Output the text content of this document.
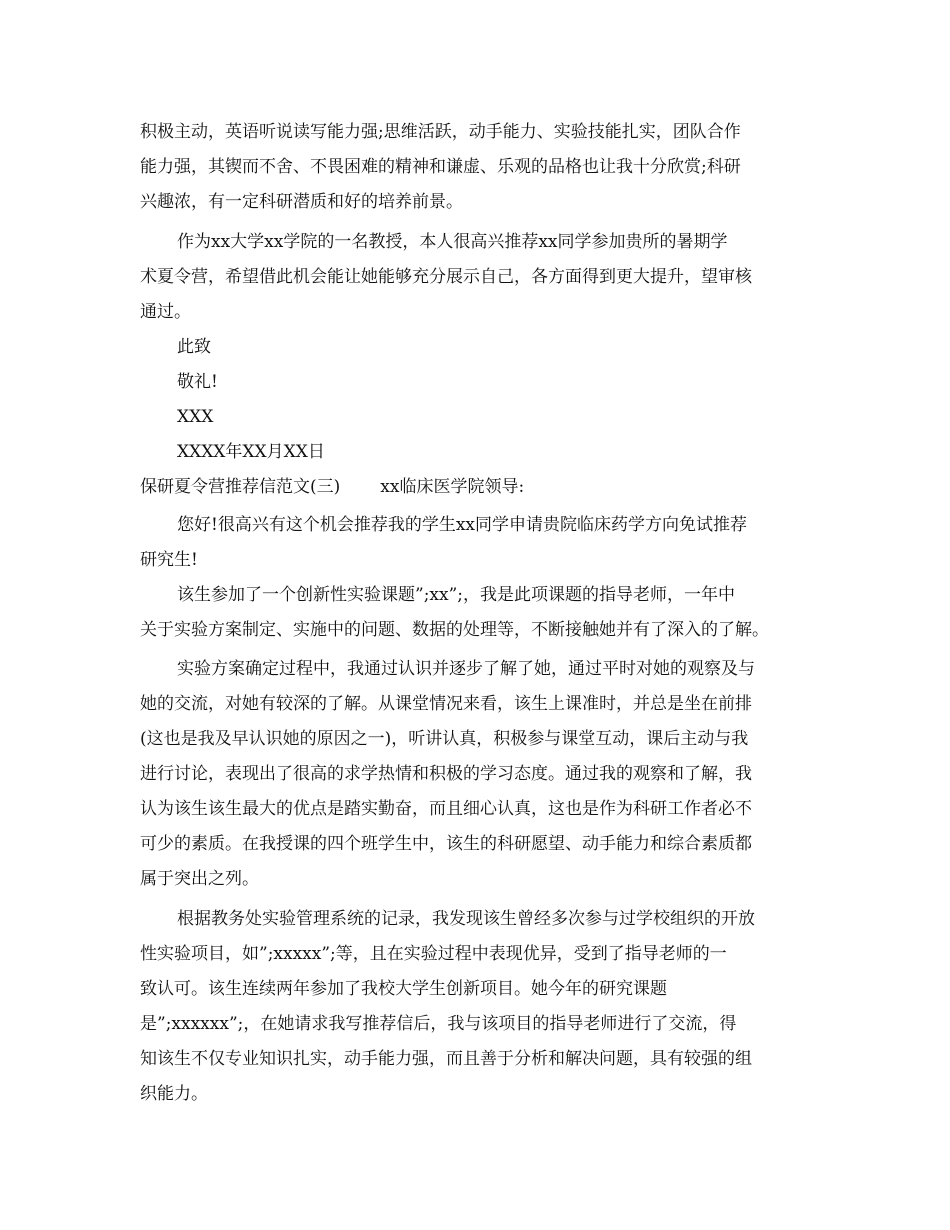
积极主动，英语听说读写能力强;思维活跃，动手能力、实验技能扎实，团队合作
能力强，其锲而不舍、不畏困难的精神和谦虚、乐观的品格也让我十分欣赏;科研
兴趣浓，有一定科研潜质和好的培养前景。
作为xx大学xx学院的一名教授，本人很高兴推荐xx同学参加贵所的暑期学
术夏令营，希望借此机会能让她能够充分展示自己，各方面得到更大提升，望审核
通过。
此致
敬礼!
XXX
XXXX年XX月XX日
保研夏令营推荐信范文(三) xx临床医学院领导:
您好!很高兴有这个机会推荐我的学生xx同学申请贵院临床药学方向免试推荐
研究生!
该生参加了一个创新性实验课题”;xx”;，我是此项课题的指导老师，一年中
关于实验方案制定、实施中的问题、数据的处理等，不断接触她并有了深入的了解。
实验方案确定过程中，我通过认识并逐步了解了她，通过平时对她的观察及与
她的交流，对她有较深的了解。从课堂情况来看，该生上课准时，并总是坐在前排
(这也是我及早认识她的原因之一)，听讲认真，积极参与课堂互动，课后主动与我
进行讨论，表现出了很高的求学热情和积极的学习态度。通过我的观察和了解，我
认为该生该生最大的优点是踏实勤奋，而且细心认真，这也是作为科研工作者必不
可少的素质。在我授课的四个班学生中，该生的科研愿望、动手能力和综合素质都
属于突出之列。
根据教务处实验管理系统的记录，我发现该生曾经多次参与过学校组织的开放
性实验项目，如”;xxxxx”;等，且在实验过程中表现优异，受到了指导老师的一
致认可。该生连续两年参加了我校大学生创新项目。她今年的研究课题
是”;xxxxxx”;，在她请求我写推荐信后，我与该项目的指导老师进行了交流，得
知该生不仅专业知识扎实，动手能力强，而且善于分析和解决问题，具有较强的组
织能力。
